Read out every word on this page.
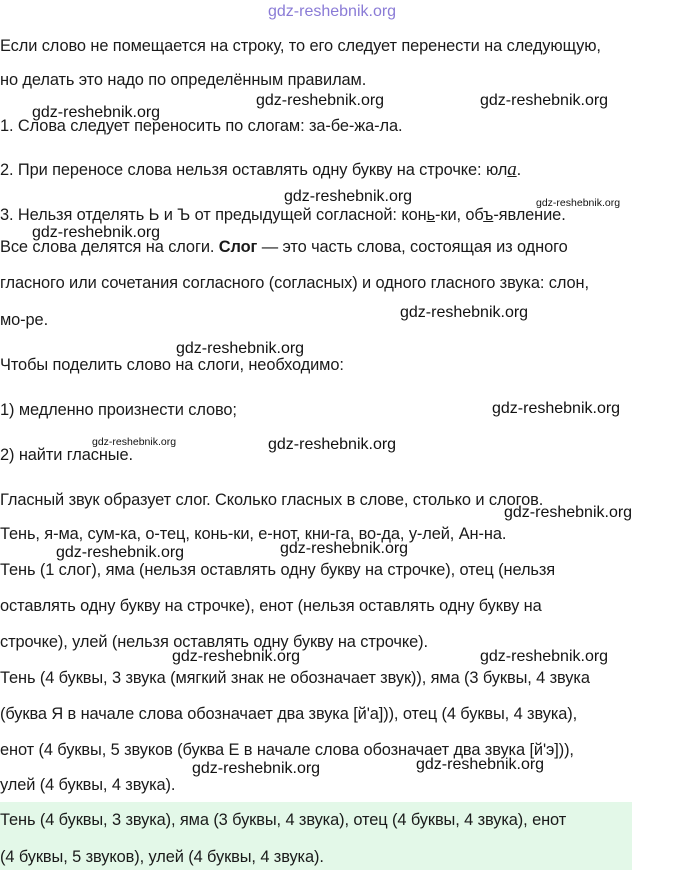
gdz-reshebnik.org
Если слово не помещается на строку, то его следует перенести на следующую,
но делать это надо по определённым правилам.
1. Слова следует переносить по слогам: за-бе-жа-ла.
2. При переносе слова нельзя оставлять одну букву на строчке: юла.
3. Нельзя отделять Ь и Ъ от предыдущей согласной: конь-ки, объ-явление.
Все слова делятся на слоги. Слог — это часть слова, состоящая из одного
гласного или сочетания согласного (согласных) и одного гласного звука: слон,
мо-ре.
Чтобы поделить слово на слоги, необходимо:
1) медленно произнести слово;
2) найти гласные.
Гласный звук образует слог. Сколько гласных в слове, столько и слогов.
Тень, я-ма, сум-ка, о-тец, конь-ки, е-нот, кни-га, во-да, у-лей, Ан-на.
Тень (1 слог), яма (нельзя оставлять одну букву на строчке), отец (нельзя
оставлять одну букву на строчке), енот (нельзя оставлять одну букву на
строчке), улей (нельзя оставлять одну букву на строчке).
Тень (4 буквы, 3 звука (мягкий знак не обозначает звук)), яма (3 буквы, 4 звука
(буква Я в начале слова обозначает два звука [й'а])), отец (4 буквы, 4 звука),
енот (4 буквы, 5 звуков (буква Е в начале слова обозначает два звука [й'э])),
улей (4 буквы, 4 звука).
Тень (4 буквы, 3 звука), яма (3 буквы, 4 звука), отец (4 буквы, 4 звука), енот
(4 буквы, 5 звуков), улей (4 буквы, 4 звука).
gdz-reshebnik.org
gdz-reshebnik.org	gdz-reshebnik.org
gdz-reshebnik.org	gdz-reshebnik.org
gdz-reshebnik.org
gdz-reshebnik.org
gdz-reshebnik.org
gdz-reshebnik.org
gdz-reshebnik.org	gdz-reshebnik.org
gdz-reshebnik.org
gdz-reshebnik.org	gdz-reshebnik.org
gdz-reshebnik.org	gdz-reshebnik.org
gdz-reshebnik.org	gdz-reshebnik.org
